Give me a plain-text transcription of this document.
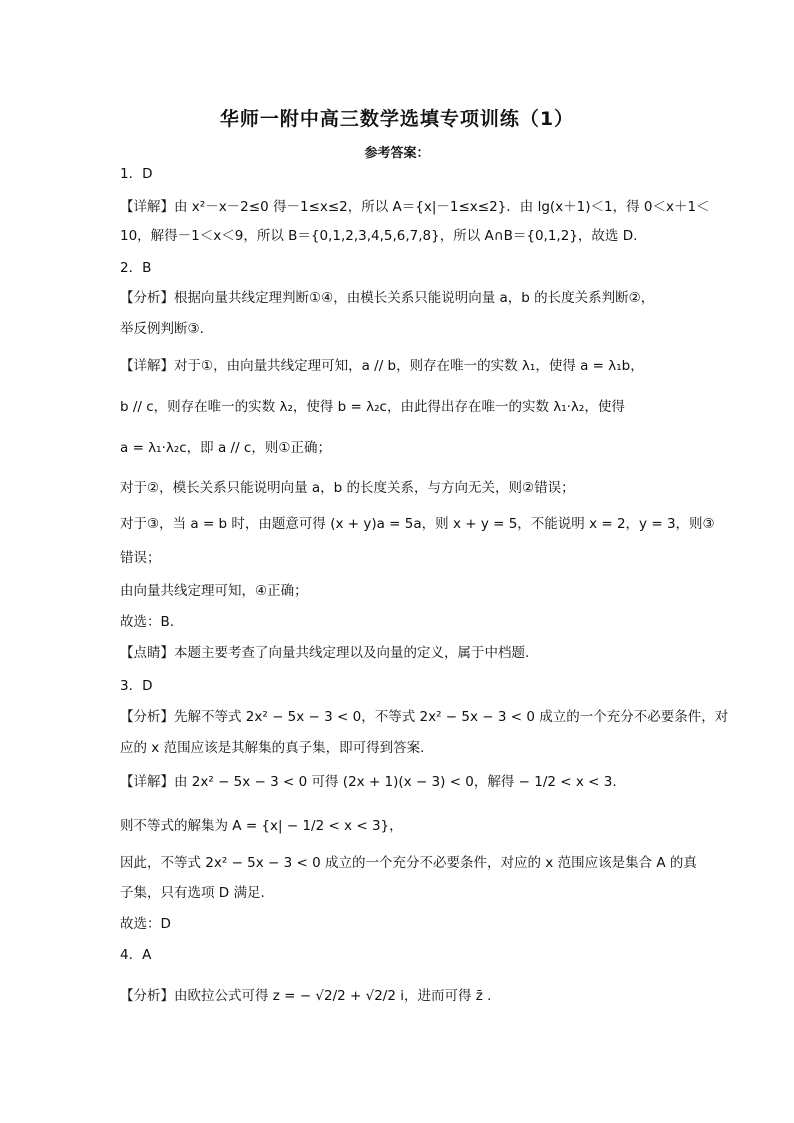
华师一附中高三数学选填专项训练（1）
参考答案：
1．D
【详解】由 x²－x－2≤0 得－1≤x≤2，所以 A＝{x|－1≤x≤2}．由 lg(x＋1)＜1，得 0＜x＋1＜
10，解得－1＜x＜9，所以 B＝{0,1,2,3,4,5,6,7,8}，所以 A∩B＝{0,1,2}，故选 D.
2．B
【分析】根据向量共线定理判断①④，由模长关系只能说明向量 a，b 的长度关系判断②，
举反例判断③.
【详解】对于①，由向量共线定理可知，a // b，则存在唯一的实数 λ₁，使得 a = λ₁b，
b // c，则存在唯一的实数 λ₂，使得 b = λ₂c，由此得出存在唯一的实数 λ₁·λ₂，使得
a = λ₁·λ₂c，即 a // c，则①正确；
对于②，模长关系只能说明向量 a，b 的长度关系，与方向无关，则②错误；
对于③，当 a = b 时，由题意可得 (x + y)a = 5a，则 x + y = 5，不能说明 x = 2，y = 3，则③
错误；
由向量共线定理可知，④正确；
故选：B.
【点睛】本题主要考查了向量共线定理以及向量的定义，属于中档题.
3．D
【分析】先解不等式 2x² − 5x − 3 < 0，不等式 2x² − 5x − 3 < 0 成立的一个充分不必要条件，对
应的 x 范围应该是其解集的真子集，即可得到答案.
【详解】由 2x² − 5x − 3 < 0 可得 (2x + 1)(x − 3) < 0，解得 − 1/2 < x < 3.
则不等式的解集为 A = {x| − 1/2 < x < 3}，
因此，不等式 2x² − 5x − 3 < 0 成立的一个充分不必要条件，对应的 x 范围应该是集合 A 的真
子集，只有选项 D 满足.
故选：D
4．A
【分析】由欧拉公式可得 z = − √2/2 + √2/2 i，进而可得 z̄ .
